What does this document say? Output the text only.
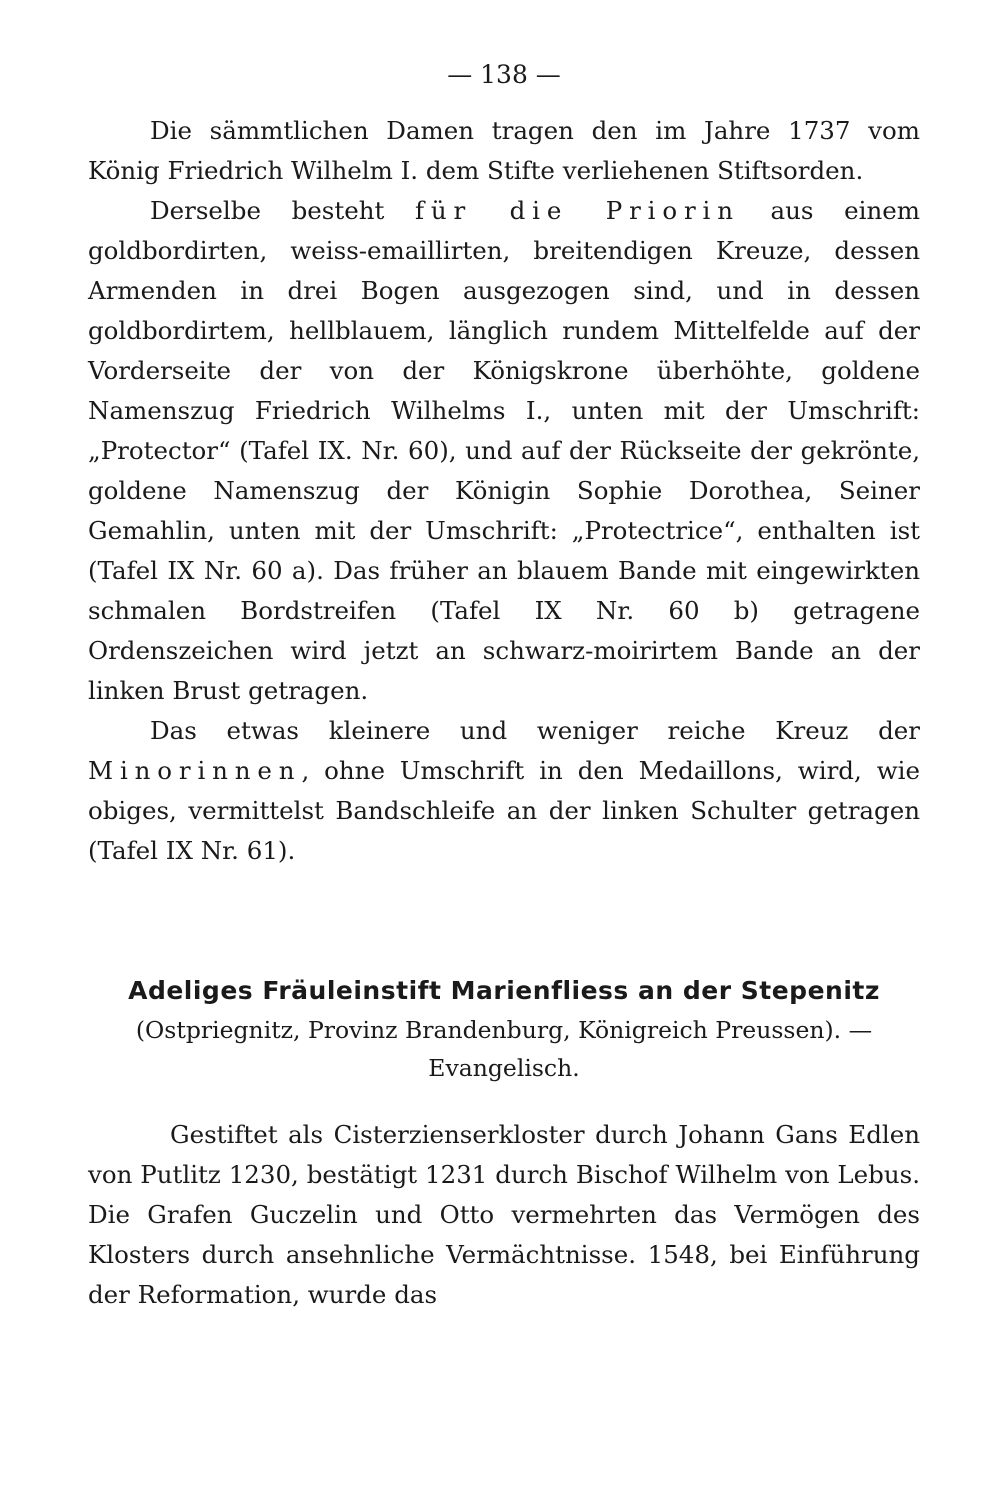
— 138 —

Die sämmtlichen Damen tragen den im Jahre 1737 vom König Friedrich Wilhelm I. dem Stifte verliehenen Stiftsorden.

Derselbe besteht für die Priorin aus einem goldbordirten, weiss-emaillirten, breitendigen Kreuze, dessen Armenden in drei Bogen ausgezogen sind, und in dessen goldbordirtem, hellblauem, länglich rundem Mittelfelde auf der Vorderseite der von der Königskrone überhöhte, goldene Namenszug Friedrich Wilhelms I., unten mit der Umschrift: „Protector“ (Tafel IX. Nr. 60), und auf der Rückseite der gekrönte, goldene Namenszug der Königin Sophie Dorothea, Seiner Gemahlin, unten mit der Umschrift: „Protectrice“, enthalten ist (Tafel IX Nr. 60 a). Das früher an blauem Bande mit eingewirkten schmalen Bordstreifen (Tafel IX Nr. 60 b) getragene Ordenszeichen wird jetzt an schwarz-moirirtem Bande an der linken Brust getragen.

Das etwas kleinere und weniger reiche Kreuz der Minorinnen, ohne Umschrift in den Medaillons, wird, wie obiges, vermittelst Bandschleife an der linken Schulter getragen (Tafel IX Nr. 61).

Adeliges Fräuleinstift Marienfliess an der Stepenitz
(Ostpriegnitz, Provinz Brandenburg, Königreich Preussen). — Evangelisch.

Gestiftet als Cisterzienserkloster durch Johann Gans Edlen von Putlitz 1230, bestätigt 1231 durch Bischof Wilhelm von Lebus. Die Grafen Guczelin und Otto vermehrten das Vermögen des Klosters durch ansehnliche Vermächtnisse. 1548, bei Einführung der Reformation, wurde das
